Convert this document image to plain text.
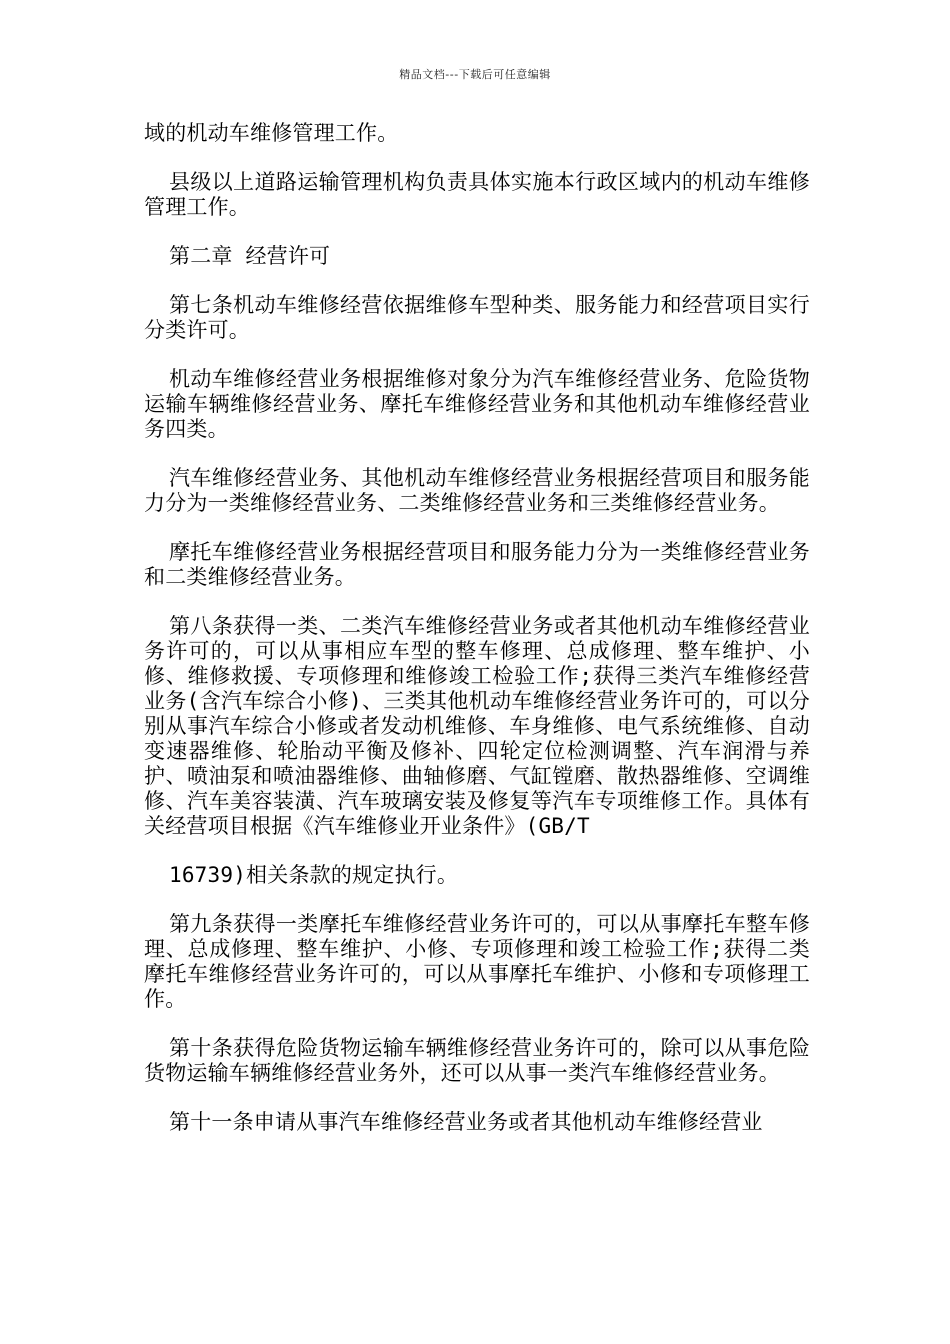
精品文档---下载后可任意编辑

域的机动车维修管理工作。

县级以上道路运输管理机构负责具体实施本行政区域内的机动车维修管理工作。

第二章 经营许可

第七条机动车维修经营依据维修车型种类、服务能力和经营项目实行分类许可。

机动车维修经营业务根据维修对象分为汽车维修经营业务、危险货物运输车辆维修经营业务、摩托车维修经营业务和其他机动车维修经营业务四类。

汽车维修经营业务、其他机动车维修经营业务根据经营项目和服务能力分为一类维修经营业务、二类维修经营业务和三类维修经营业务。

摩托车维修经营业务根据经营项目和服务能力分为一类维修经营业务和二类维修经营业务。

第八条获得一类、二类汽车维修经营业务或者其他机动车维修经营业务许可的，可以从事相应车型的整车修理、总成修理、整车维护、小修、维修救援、专项修理和维修竣工检验工作;获得三类汽车维修经营业务(含汽车综合小修)、三类其他机动车维修经营业务许可的，可以分别从事汽车综合小修或者发动机维修、车身维修、电气系统维修、自动变速器维修、轮胎动平衡及修补、四轮定位检测调整、汽车润滑与养护、喷油泵和喷油器维修、曲轴修磨、气缸镗磨、散热器维修、空调维修、汽车美容装潢、汽车玻璃安装及修复等汽车专项维修工作。具体有关经营项目根据《汽车维修业开业条件》(GB/T

16739)相关条款的规定执行。

第九条获得一类摩托车维修经营业务许可的，可以从事摩托车整车修理、总成修理、整车维护、小修、专项修理和竣工检验工作;获得二类摩托车维修经营业务许可的，可以从事摩托车维护、小修和专项修理工作。

第十条获得危险货物运输车辆维修经营业务许可的，除可以从事危险货物运输车辆维修经营业务外，还可以从事一类汽车维修经营业务。

第十一条申请从事汽车维修经营业务或者其他机动车维修经营业
